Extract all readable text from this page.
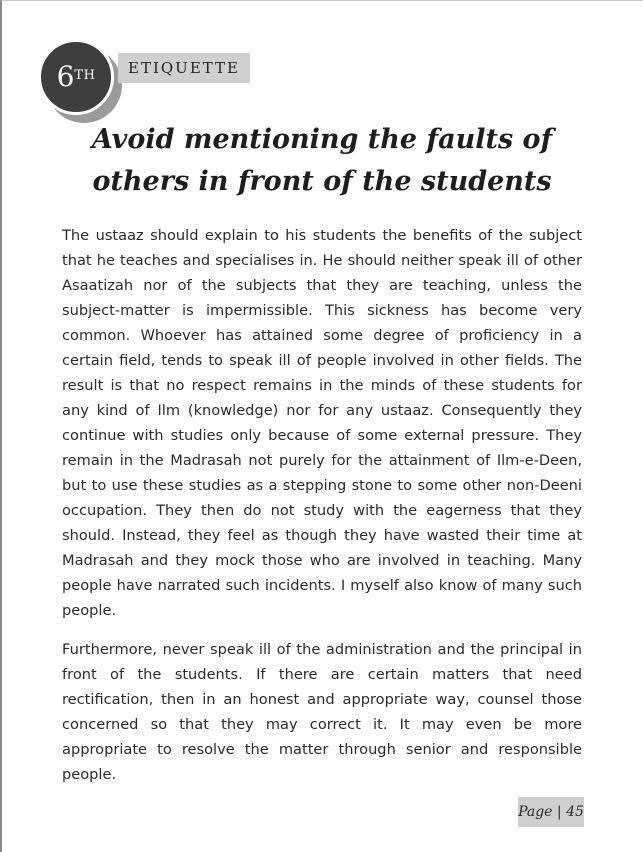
6TH	ETIQUETTE
Avoid mentioning the faults of others in front of the students

The ustaaz should explain to his students the benefits of the subject that he teaches and specialises in. He should neither speak ill of other Asaatizah nor of the subjects that they are teaching, unless the subject-matter is impermissible. This sickness has become very common. Whoever has attained some degree of proficiency in a certain field, tends to speak ill of people involved in other fields. The result is that no respect remains in the minds of these students for any kind of Ilm (knowledge) nor for any ustaaz. Consequently they continue with studies only because of some external pressure. They remain in the Madrasah not purely for the attainment of Ilm-e-Deen, but to use these studies as a stepping stone to some other non-Deeni occupation. They then do not study with the eagerness that they should. Instead, they feel as though they have wasted their time at Madrasah and they mock those who are involved in teaching. Many people have narrated such incidents. I myself also know of many such people.

Furthermore, never speak ill of the administration and the principal in front of the students. If there are certain matters that need rectification, then in an honest and appropriate way, counsel those concerned so that they may correct it. It may even be more appropriate to resolve the matter through senior and responsible people.

Page | 45
